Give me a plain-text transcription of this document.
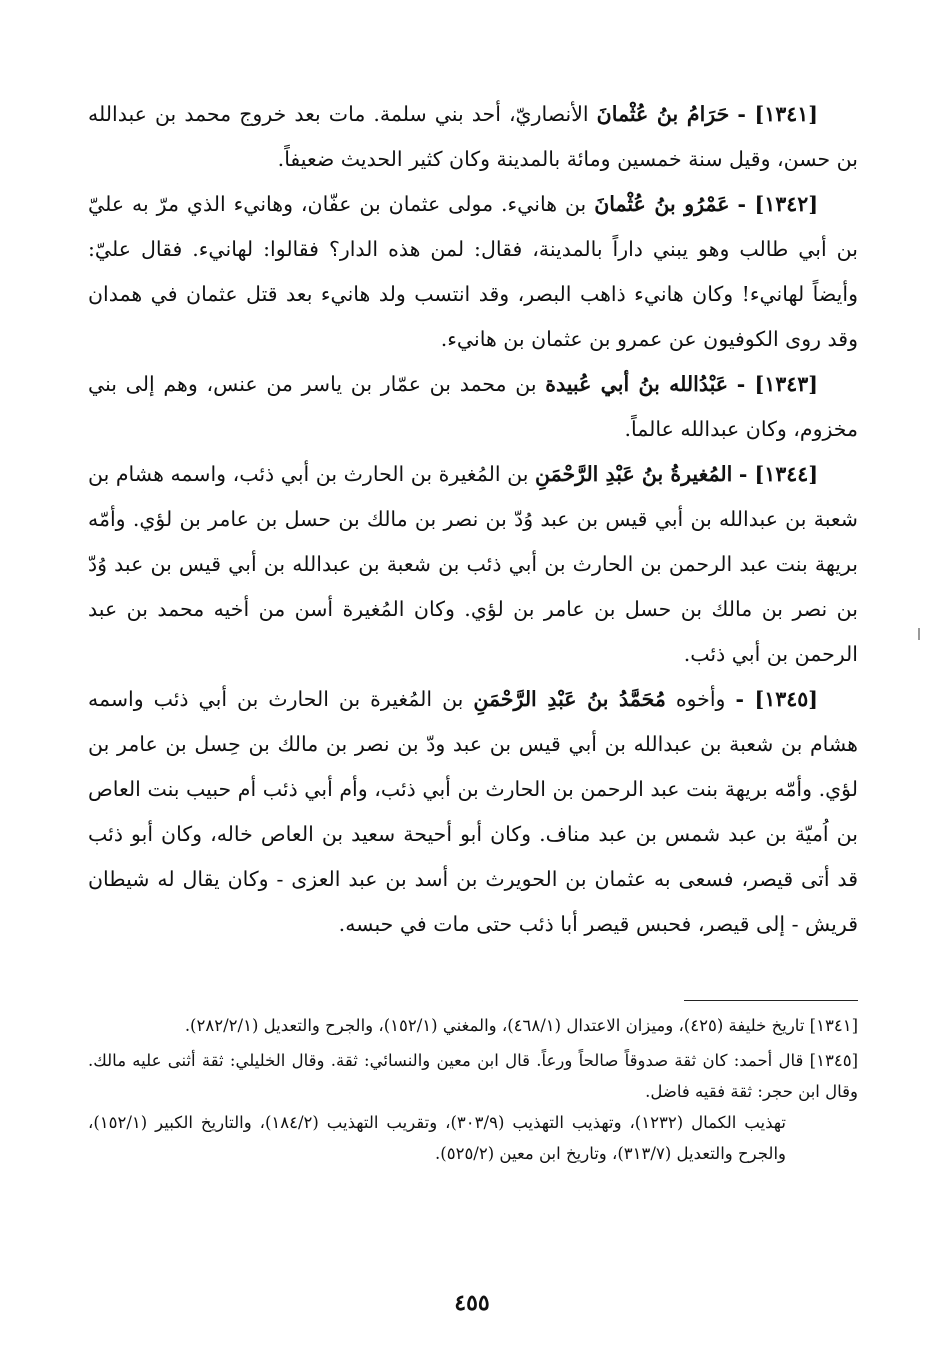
[١٣٤١] - حَرَامُ بنُ عُثْمانَ الأنصاريّ، أحد بني سلمة. مات بعد خروج محمد بن عبدالله بن حسن، وقيل سنة خمسين ومائة بالمدينة وكان كثير الحديث ضعيفاً.

[١٣٤٢] - عَمْرُو بنُ عُثْمانَ بن هانيء. مولى عثمان بن عفّان، وهانيء الذي مرّ به عليّ بن أبي طالب وهو يبني داراً بالمدينة، فقال: لمن هذه الدار؟ فقالوا: لهانيء. فقال عليّ: وأيضاً لهانيء! وكان هانيء ذاهب البصر، وقد انتسب ولد هانيء بعد قتل عثمان في همدان وقد روى الكوفيون عن عمرو بن عثمان بن هانيء.

[١٣٤٣] - عَبْدُالله بنُ أبي عُبيدة بن محمد بن عمّار بن ياسر من عنس، وهم إلى بني مخزوم، وكان عبدالله عالماً.

[١٣٤٤] - المُغيرةُ بنُ عَبْدِ الرَّحْمَنِ بن المُغيرة بن الحارث بن أبي ذئب، واسمه هشام بن شعبة بن عبدالله بن أبي قيس بن عبد وُدّ بن نصر بن مالك بن حسل بن عامر بن لؤي. وأمّه بريهة بنت عبد الرحمن بن الحارث بن أبي ذئب بن شعبة بن عبدالله بن أبي قيس بن عبد وُدّ بن نصر بن مالك بن حسل بن عامر بن لؤي. وكان المُغيرة أسن من أخيه محمد بن عبد الرحمن بن أبي ذئب.

[١٣٤٥] - وأخوه مُحَمَّدُ بنُ عَبْدِ الرَّحْمَنِ بن المُغيرة بن الحارث بن أبي ذئب واسمه هشام بن شعبة بن عبدالله بن أبي قيس بن عبد ودّ بن نصر بن مالك بن حِسل بن عامر بن لؤي. وأمّه بريهة بنت عبد الرحمن بن الحارث بن أبي ذئب، وأم أبي ذئب أم حبيب بنت العاص بن اُميّة بن عبد شمس بن عبد مناف. وكان أبو أحيحة سعيد بن العاص خاله، وكان أبو ذئب قد أتى قيصر، فسعى به عثمان بن الحويرث بن أسد بن عبد العزى - وكان يقال له شيطان قريش - إلى قيصر، فحبس قيصر أبا ذئب حتى مات في حبسه.

[١٣٤١] تاريخ خليفة (٤٢٥)، وميزان الاعتدال (٤٦٨/١)، والمغني (١٥٢/١)، والجرح والتعديل (٢٨٢/٢/١).

[١٣٤٥] قال أحمد: كان ثقة صدوقاً صالحاً ورعاً. قال ابن معين والنسائي: ثقة. وقال الخليلي: ثقة أثنى عليه مالك. وقال ابن حجر: ثقة فقيه فاضل.
تهذيب الكمال (١٢٣٢)، وتهذيب التهذيب (٣٠٣/٩)، وتقريب التهذيب (١٨٤/٢)، والتاريخ الكبير (١٥٢/١)، والجرح والتعديل (٣١٣/٧)، وتاريخ ابن معين (٥٢٥/٢).

٤٥٥
